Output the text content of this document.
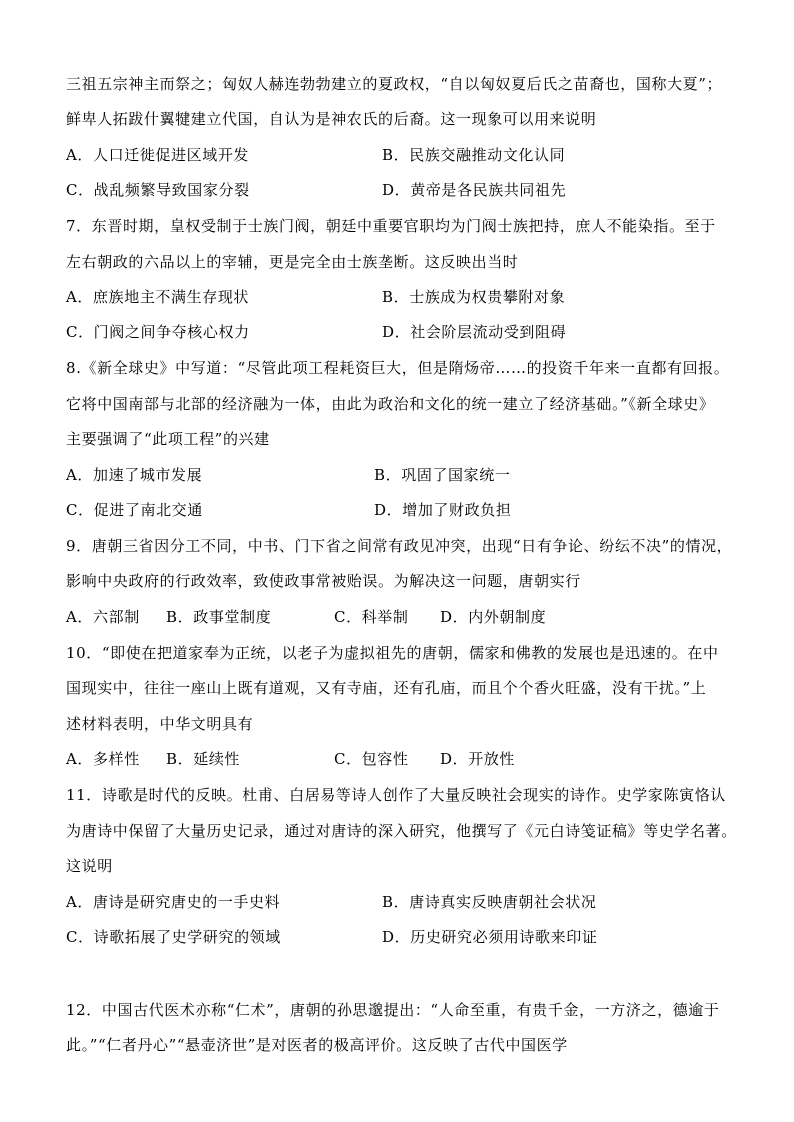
三祖五宗神主而祭之；匈奴人赫连勃勃建立的夏政权，“自以匈奴夏后氏之苗裔也，国称大夏”；
鲜卑人拓跋什翼犍建立代国，自认为是神农氏的后裔。这一现象可以用来说明
A．人口迁徙促进区域开发	B．民族交融推动文化认同
C．战乱频繁导致国家分裂	D．黄帝是各民族共同祖先
7．东晋时期，皇权受制于士族门阀，朝廷中重要官职均为门阀士族把持，庶人不能染指。至于
左右朝政的六品以上的宰辅，更是完全由士族垄断。这反映出当时
A．庶族地主不满生存现状	B．士族成为权贵攀附对象
C．门阀之间争夺核心权力	D．社会阶层流动受到阻碍
8.《新全球史》中写道：“尽管此项工程耗资巨大，但是隋炀帝……的投资千年来一直都有回报。
它将中国南部与北部的经济融为一体，由此为政治和文化的统一建立了经济基础。”《新全球史》
主要强调了“此项工程”的兴建
A．加速了城市发展	B．巩固了国家统一
C．促进了南北交通	D．增加了财政负担
9．唐朝三省因分工不同，中书、门下省之间常有政见冲突，出现“日有争论、纷纭不决”的情况，
影响中央政府的行政效率，致使政事常被贻误。为解决这一问题，唐朝实行
A．六部制 B．政事堂制度	C．科举制 D．内外朝制度
10．“即使在把道家奉为正统，以老子为虚拟祖先的唐朝，儒家和佛教的发展也是迅速的。在中
国现实中，往往一座山上既有道观，又有寺庙，还有孔庙，而且个个香火旺盛，没有干扰。”上
述材料表明，中华文明具有
A．多样性 B．延续性	C．包容性 D．开放性
11．诗歌是时代的反映。杜甫、白居易等诗人创作了大量反映社会现实的诗作。史学家陈寅恪认
为唐诗中保留了大量历史记录，通过对唐诗的深入研究，他撰写了《元白诗笺证稿》等史学名著。
这说明
A．唐诗是研究唐史的一手史料	B．唐诗真实反映唐朝社会状况
C．诗歌拓展了史学研究的领域	D．历史研究必须用诗歌来印证
12．中国古代医术亦称“仁术”，唐朝的孙思邈提出：“人命至重，有贵千金，一方济之，德逾于
此。”“仁者丹心”“悬壶济世”是对医者的极高评价。这反映了古代中国医学
